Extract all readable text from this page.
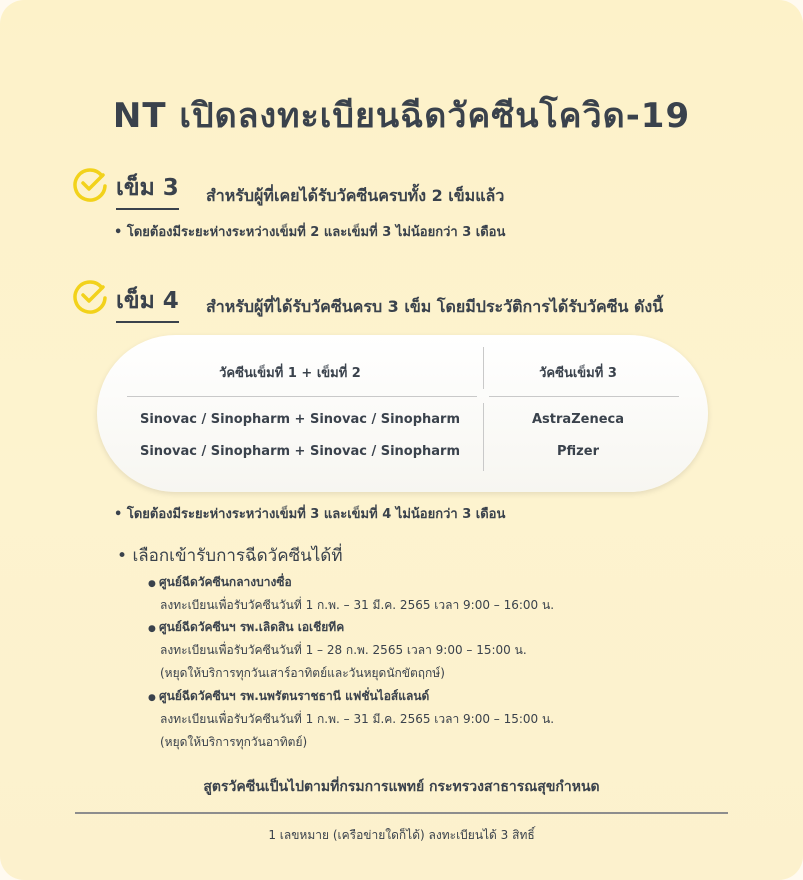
NT เปิดลงทะเบียนฉีดวัคซีนโควิด-19
เข็ม 3 สำหรับผู้ที่เคยได้รับวัคซีนครบทั้ง 2 เข็มแล้ว
• โดยต้องมีระยะห่างระหว่างเข็มที่ 2 และเข็มที่ 3 ไม่น้อยกว่า 3 เดือน
เข็ม 4 สำหรับผู้ที่ได้รับวัคซีนครบ 3 เข็ม โดยมีประวัติการได้รับวัคซีน ดังนี้
วัคซีนเข็มที่ 1 + เข็มที่ 2	วัคซีนเข็มที่ 3
Sinovac / Sinopharm + Sinovac / Sinopharm	AstraZeneca
Sinovac / Sinopharm + Sinovac / Sinopharm	Pfizer
• โดยต้องมีระยะห่างระหว่างเข็มที่ 3 และเข็มที่ 4 ไม่น้อยกว่า 3 เดือน
• เลือกเข้ารับการฉีดวัคซีนได้ที่
● ศูนย์ฉีดวัคซีนกลางบางซื่อ
ลงทะเบียนเพื่อรับวัคซีนวันที่ 1 ก.พ. – 31 มี.ค. 2565 เวลา 9:00 – 16:00 น.
● ศูนย์ฉีดวัคซีนฯ รพ.เลิดสิน เอเชียทีค
ลงทะเบียนเพื่อรับวัคซีนวันที่ 1 – 28 ก.พ. 2565 เวลา 9:00 – 15:00 น.
(หยุดให้บริการทุกวันเสาร์อาทิตย์และวันหยุดนักขัตฤกษ์)
● ศูนย์ฉีดวัคซีนฯ รพ.นพรัตนราชธานี แฟชั่นไอส์แลนด์
ลงทะเบียนเพื่อรับวัคซีนวันที่ 1 ก.พ. – 31 มี.ค. 2565 เวลา 9:00 – 15:00 น.
(หยุดให้บริการทุกวันอาทิตย์)
สูตรวัคซีนเป็นไปตามที่กรมการแพทย์ กระทรวงสาธารณสุขกำหนด
1 เลขหมาย (เครือข่ายใดก็ได้) ลงทะเบียนได้ 3 สิทธิ์
